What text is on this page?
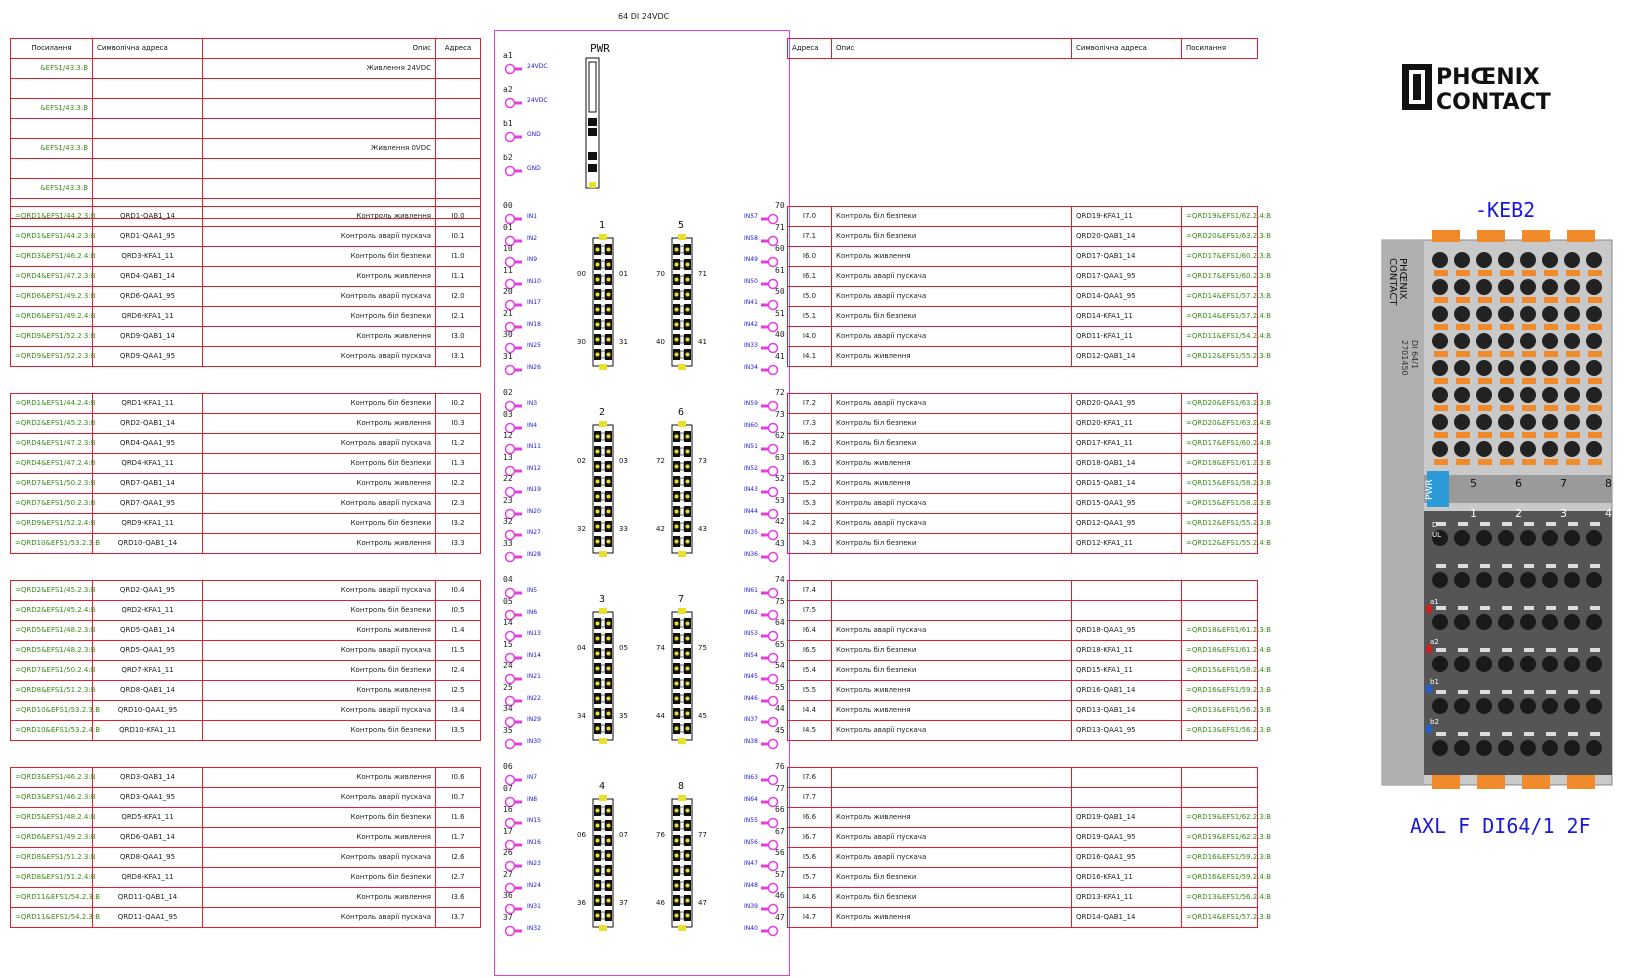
64 DI 24VDC
Посилання	Символічна адреса	Опис	Адреса	Адреса	Опис	Символічна адреса	Посилання
&EFS1/43.3:B		Живлення 24VDC	

&EFS1/43.3:B			

&EFS1/43.3:B		Живлення 0VDC	

&EFS1/43.3:B			

=QRD1&EFS1/44.2.3:B	QRD1-QAB1_14	Контроль живлення	I0.0
=QRD1&EFS1/44.2.3:B	QRD1-QAA1_95	Контроль аварії пускача	I0.1
=QRD3&EFS1/46.2.4:B	QRD3-KFA1_11	Контроль біл безпеки	I1.0
=QRD4&EFS1/47.2.3:B	QRD4-QAB1_14	Контроль живлення	I1.1
=QRD6&EFS1/49.2.3:B	QRD6-QAA1_95	Контроль аварії пускача	I2.0
=QRD6&EFS1/49.2.4:B	QRD6-KFA1_11	Контроль біл безпеки	I2.1
=QRD9&EFS1/52.2.3:B	QRD9-QAB1_14	Контроль живлення	I3.0
=QRD9&EFS1/52.2.3:B	QRD9-QAA1_95	Контроль аварії пускача	I3.1
=QRD1&EFS1/44.2.4:B	QRD1-KFA1_11	Контроль біл безпеки	I0.2
=QRD2&EFS1/45.2.3:B	QRD2-QAB1_14	Контроль живлення	I0.3
=QRD4&EFS1/47.2.3:B	QRD4-QAA1_95	Контроль аварії пускача	I1.2
=QRD4&EFS1/47.2.4:B	QRD4-KFA1_11	Контроль біл безпеки	I1.3
=QRD7&EFS1/50.2.3:B	QRD7-QAB1_14	Контроль живлення	I2.2
=QRD7&EFS1/50.2.3:B	QRD7-QAA1_95	Контроль аварії пускача	I2.3
=QRD9&EFS1/52.2.4:B	QRD9-KFA1_11	Контроль біл безпеки	I3.2
=QRD10&EFS1/53.2.3:B	QRD10-QAB1_14	Контроль живлення	I3.3
=QRD2&EFS1/45.2.3:B	QRD2-QAA1_95	Контроль аварії пускача	I0.4
=QRD2&EFS1/45.2.4:B	QRD2-KFA1_11	Контроль біл безпеки	I0.5
=QRD5&EFS1/48.2.3:B	QRD5-QAB1_14	Контроль живлення	I1.4
=QRD5&EFS1/48.2.3:B	QRD5-QAA1_95	Контроль аварії пускача	I1.5
=QRD7&EFS1/50.2.4:B	QRD7-KFA1_11	Контроль біл безпеки	I2.4
=QRD8&EFS1/51.2.3:B	QRD8-QAB1_14	Контроль живлення	I2.5
=QRD10&EFS1/53.2.3:B	QRD10-QAA1_95	Контроль аварії пускача	I3.4
=QRD10&EFS1/53.2.4:B	QRD10-KFA1_11	Контроль біл безпеки	I3.5
=QRD3&EFS1/46.2.3:B	QRD3-QAB1_14	Контроль живлення	I0.6
=QRD3&EFS1/46.2.3:B	QRD3-QAA1_95	Контроль аварії пускача	I0.7
=QRD5&EFS1/48.2.4:B	QRD5-KFA1_11	Контроль біл безпеки	I1.6
=QRD6&EFS1/49.2.3:B	QRD6-QAB1_14	Контроль живлення	I1.7
=QRD8&EFS1/51.2.3:B	QRD8-QAA1_95	Контроль аварії пускача	I2.6
=QRD8&EFS1/51.2.4:B	QRD8-KFA1_11	Контроль біл безпеки	I2.7
=QRD11&EFS1/54.2.3:B	QRD11-QAB1_14	Контроль живлення	I3.6
=QRD11&EFS1/54.2.3:B	QRD11-QAA1_95	Контроль аварії пускача	I3.7
I7.0	Контроль біл безпеки	QRD19-KFA1_11	=QRD19&EFS1/62.2.4:B
I7.1	Контроль біл безпеки	QRD20-QAB1_14	=QRD20&EFS1/63.2.3:B
I6.0	Контроль живлення	QRD17-QAB1_14	=QRD17&EFS1/60.2.3:B
I6.1	Контроль аварії пускача	QRD17-QAA1_95	=QRD17&EFS1/60.2.3:B
I5.0	Контроль аварії пускача	QRD14-QAA1_95	=QRD14&EFS1/57.2.3:B
I5.1	Контроль біл безпеки	QRD14-KFA1_11	=QRD14&EFS1/57.2.4:B
I4.0	Контроль аварії пускача	QRD11-KFA1_11	=QRD11&EFS1/54.2.4:B
I4.1	Контроль живлення	QRD12-QAB1_14	=QRD12&EFS1/55.2.3:B
I7.2	Контроль аварії пускача	QRD20-QAA1_95	=QRD20&EFS1/63.2.3:B
I7.3	Контроль біл безпеки	QRD20-KFA1_11	=QRD20&EFS1/63.2.4:B
I6.2	Контроль біл безпеки	QRD17-KFA1_11	=QRD17&EFS1/60.2.4:B
I6.3	Контроль живлення	QRD18-QAB1_14	=QRD18&EFS1/61.2.3:B
I5.2	Контроль живлення	QRD15-QAB1_14	=QRD15&EFS1/58.2.3:B
I5.3	Контроль аварії пускача	QRD15-QAA1_95	=QRD15&EFS1/58.2.3:B
I4.2	Контроль аварії пускача	QRD12-QAA1_95	=QRD12&EFS1/55.2.3:B
I4.3	Контроль біл безпеки	QRD12-KFA1_11	=QRD12&EFS1/55.2.4:B
I7.4			
I7.5			
I6.4	Контроль аварії пускача	QRD18-QAA1_95	=QRD18&EFS1/61.2.3:B
I6.5	Контроль біл безпеки	QRD18-KFA1_11	=QRD18&EFS1/61.2.4:B
I5.4	Контроль біл безпеки	QRD15-KFA1_11	=QRD15&EFS1/58.2.4:B
I5.5	Контроль живлення	QRD16-QAB1_14	=QRD16&EFS1/59.2.3:B
I4.4	Контроль живлення	QRD13-QAB1_14	=QRD13&EFS1/56.2.3:B
I4.5	Контроль аварії пускача	QRD13-QAA1_95	=QRD13&EFS1/56.2.3:B
I7.6			
I7.7			
I6.6	Контроль живлення	QRD19-QAB1_14	=QRD19&EFS1/62.2.3:B
I6.7	Контроль аварії пускача	QRD19-QAA1_95	=QRD19&EFS1/62.2.3:B
I5.6	Контроль аварії пускача	QRD16-QAA1_95	=QRD16&EFS1/59.2.3:B
I5.7	Контроль біл безпеки	QRD16-KFA1_11	=QRD16&EFS1/59.2.4:B
I4.6	Контроль біл безпеки	QRD13-KFA1_11	=QRD13&EFS1/56.2.4:B
I4.7	Контроль живлення	QRD14-QAB1_14	=QRD14&EFS1/57.2.3:B
a1
24VDC
a2
24VDC
b1
GND
b2
GND
00
IN1
01
IN2
10
IN9
11
IN10
20
IN17
21
IN18
30
IN25
31
IN26
02
IN3
03
IN4
12
IN11
13
IN12
22
IN19
23
IN20
32
IN27
33
IN28
04
IN5
05
IN6
14
IN13
15
IN14
24
IN21
25
IN22
34
IN29
35
IN30
06
IN7
07
IN8
16
IN15
17
IN16
26
IN23
27
IN24
36
IN31
37
IN32
70
IN57
71
IN58
60
IN49
61
IN50
50
IN41
51
IN42
40
IN33
41
IN34
72
IN59
73
IN60
62
IN51
63
IN52
52
IN43
53
IN44
42
IN35
43
IN36
74
IN61
75
IN62
64
IN53
65
IN54
54
IN45
55
IN46
44
IN37
45
IN38
76
IN63
77
IN64
66
IN55
67
IN56
56
IN47
57
IN48
46
IN39
47
IN40
1
00	01
30	31
5
70	71
40	41
2
02	03
32	33
6
72	73
42	43
3
04	05
34	35
7
74	75
44	45
4
06	07
36	37
8
76	77
46	47
PWR
PHŒNIX
CONTACT
-KEB2
AXL F DI64/1 2F
PHŒNIX
CONTACT
DI 64/1
2701450
PWR	5	6	7	8
1	2	3	4
D
UL
a1
a2
b1
b2
